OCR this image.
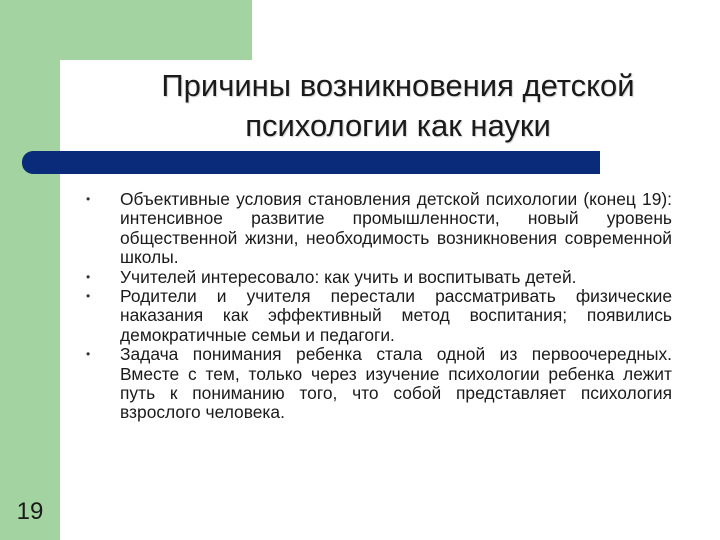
Причины возникновения детской
психологии как науки
•	Объективные условия становления детской психологии (конец 19): интенсивное развитие промышленности, новый уровень общественной жизни, необходимость возникновения современной школы.
•	Учителей интересовало: как учить и воспитывать детей.
•	Родители и учителя перестали рассматривать физические наказания как эффективный метод воспитания; появились демократичные семьи и педагоги.
•	Задача понимания ребенка стала одной из первоочередных. Вместе с тем, только через изучение психологии ребенка лежит путь к пониманию того, что собой представляет психология взрослого человека.
19
